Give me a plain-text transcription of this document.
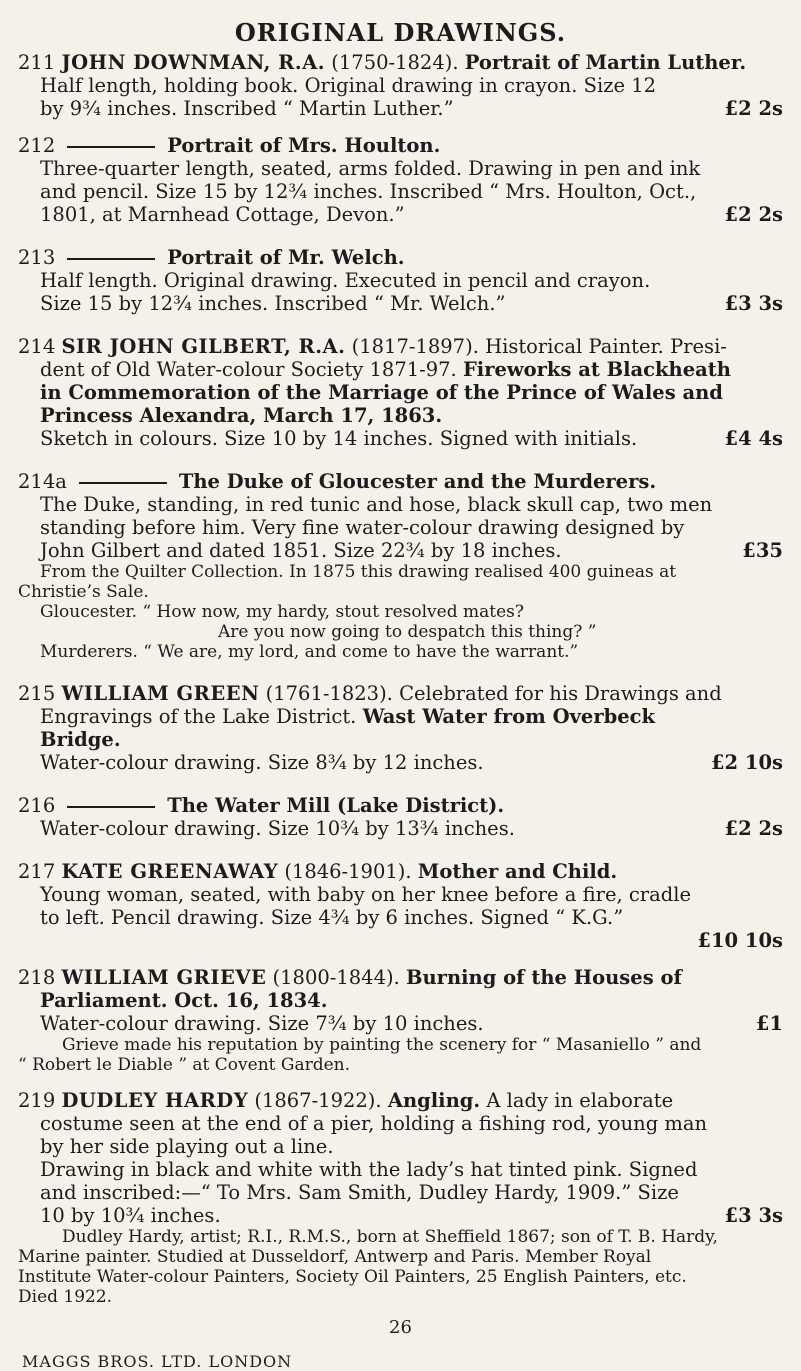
ORIGINAL DRAWINGS.
211 JOHN DOWNMAN, R.A. (1750-1824). Portrait of Martin Luther.
Half length, holding book. Original drawing in crayon. Size 12
£2 2s
by 9¾ inches. Inscribed “ Martin Luther.”
212	Portrait of Mrs. Houlton.
Three-quarter length, seated, arms folded. Drawing in pen and ink
and pencil. Size 15 by 12¾ inches. Inscribed “ Mrs. Houlton, Oct.,
£2 2s
1801, at Marnhead Cottage, Devon.”
213	Portrait of Mr. Welch.
Half length. Original drawing. Executed in pencil and crayon.
£3 3s
Size 15 by 12¾ inches. Inscribed “ Mr. Welch.”
214 SIR JOHN GILBERT, R.A. (1817-1897). Historical Painter. Presi-
dent of Old Water-colour Society 1871-97. Fireworks at Blackheath
in Commemoration of the Marriage of the Prince of Wales and
Princess Alexandra, March 17, 1863.
£4 4s
Sketch in colours. Size 10 by 14 inches. Signed with initials.
214a	The Duke of Gloucester and the Murderers.
The Duke, standing, in red tunic and hose, black skull cap, two men
standing before him. Very fine water-colour drawing designed by
£35
John Gilbert and dated 1851. Size 22¾ by 18 inches.
From the Quilter Collection. In 1875 this drawing realised 400 guineas at
Christie’s Sale.
Gloucester. “ How now, my hardy, stout resolved mates?
Are you now going to despatch this thing? ”
Murderers. “ We are, my lord, and come to have the warrant.”
215 WILLIAM GREEN (1761-1823). Celebrated for his Drawings and
Engravings of the Lake District. Wast Water from Overbeck
Bridge.
£2 10s
Water-colour drawing. Size 8¾ by 12 inches.
216	The Water Mill (Lake District).
£2 2s
Water-colour drawing. Size 10¾ by 13¾ inches.
217 KATE GREENAWAY (1846-1901). Mother and Child.
Young woman, seated, with baby on her knee before a fire, cradle
to left. Pencil drawing. Size 4¾ by 6 inches. Signed “ K.G.”
£10 10s
218 WILLIAM GRIEVE (1800-1844). Burning of the Houses of
Parliament. Oct. 16, 1834.
£1
Water-colour drawing. Size 7¾ by 10 inches.
Grieve made his reputation by painting the scenery for “ Masaniello ” and
“ Robert le Diable ” at Covent Garden.
219 DUDLEY HARDY (1867-1922). Angling. A lady in elaborate
costume seen at the end of a pier, holding a fishing rod, young man
by her side playing out a line.
Drawing in black and white with the lady’s hat tinted pink. Signed
and inscribed:—“ To Mrs. Sam Smith, Dudley Hardy, 1909.” Size
£3 3s
10 by 10¾ inches.
Dudley Hardy, artist; R.I., R.M.S., born at Sheffield 1867; son of T. B. Hardy,
Marine painter. Studied at Dusseldorf, Antwerp and Paris. Member Royal
Institute Water-colour Painters, Society Oil Painters, 25 English Painters, etc.
Died 1922.
26
MAGGS BROS. LTD. LONDON
